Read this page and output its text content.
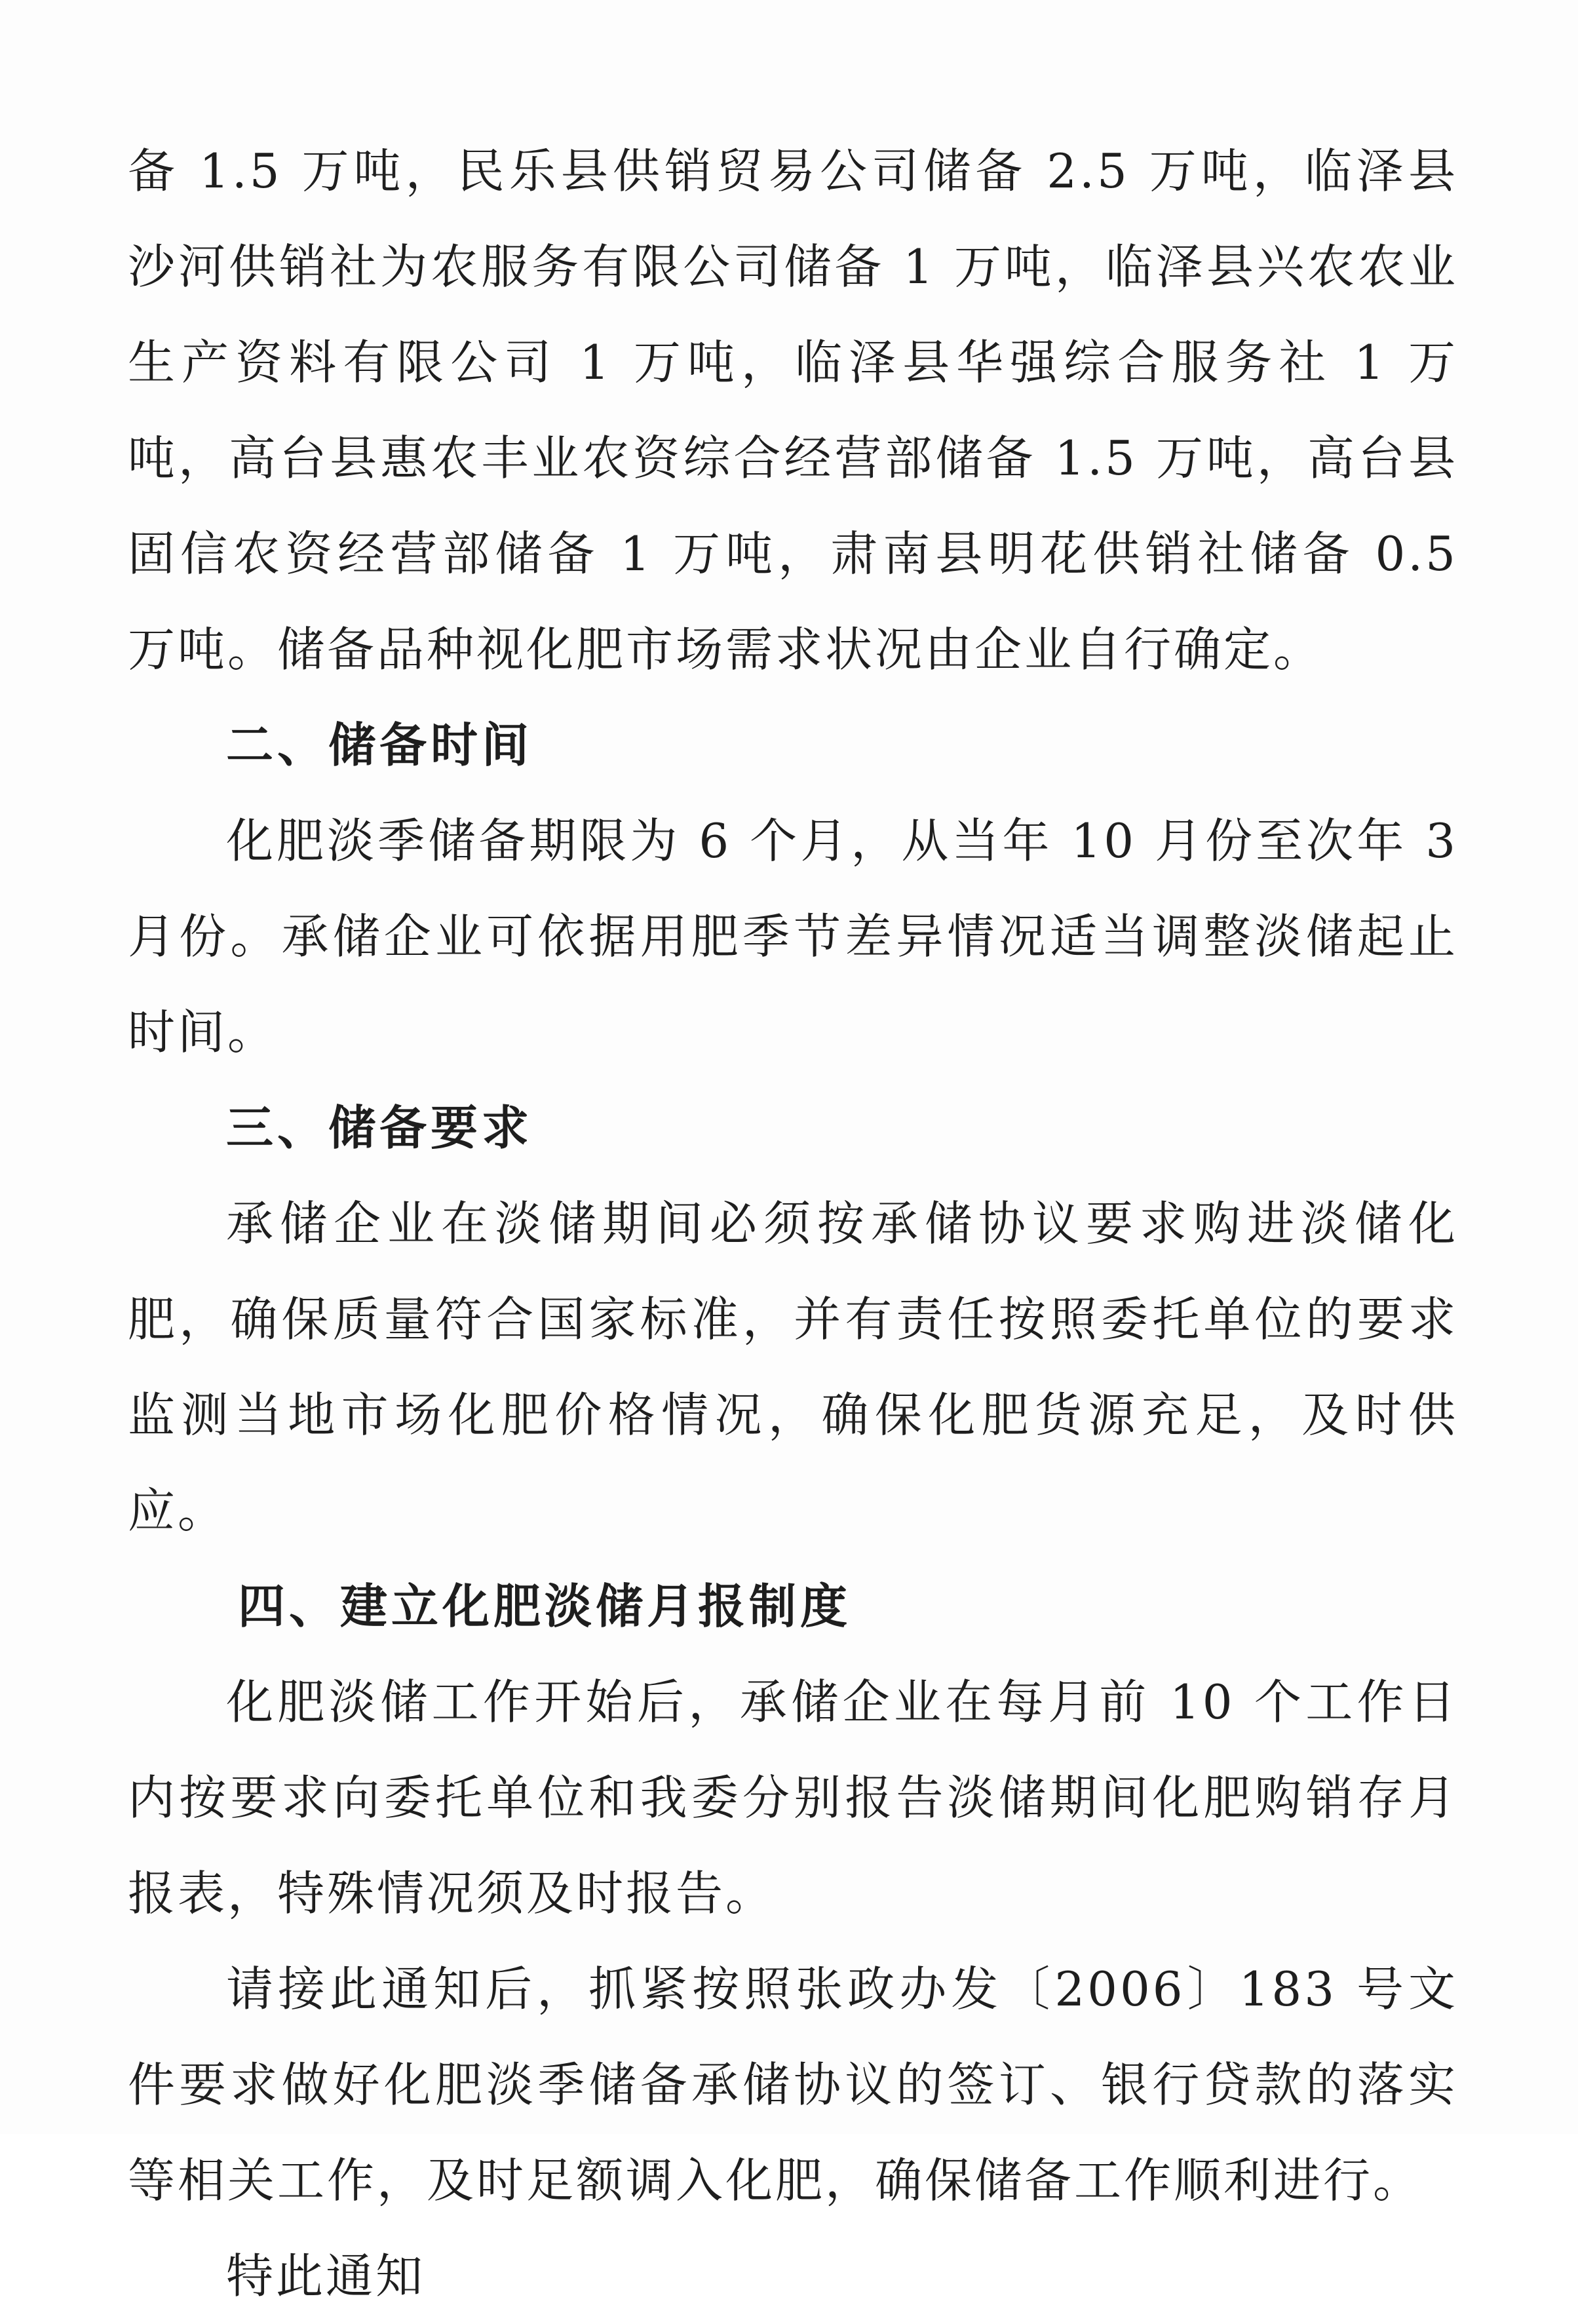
备 1.5 万吨，民乐县供销贸易公司储备 2.5 万吨，临泽县沙河供销社为农服务有限公司储备 1 万吨，临泽县兴农农业生产资料有限公司 1 万吨，临泽县华强综合服务社 1 万吨，高台县惠农丰业农资综合经营部储备 1.5 万吨，高台县固信农资经营部储备 1 万吨，肃南县明花供销社储备 0.5 万吨。储备品种视化肥市场需求状况由企业自行确定。

二、储备时间

化肥淡季储备期限为 6 个月，从当年 10 月份至次年 3 月份。承储企业可依据用肥季节差异情况适当调整淡储起止时间。

三、储备要求

承储企业在淡储期间必须按承储协议要求购进淡储化肥，确保质量符合国家标准，并有责任按照委托单位的要求监测当地市场化肥价格情况，确保化肥货源充足，及时供应。

四、建立化肥淡储月报制度

化肥淡储工作开始后，承储企业在每月前 10 个工作日内按要求向委托单位和我委分别报告淡储期间化肥购销存月报表，特殊情况须及时报告。

请接此通知后，抓紧按照张政办发〔2006〕183 号文件要求做好化肥淡季储备承储协议的签订、银行贷款的落实等相关工作，及时足额调入化肥，确保储备工作顺利进行。

特此通知
